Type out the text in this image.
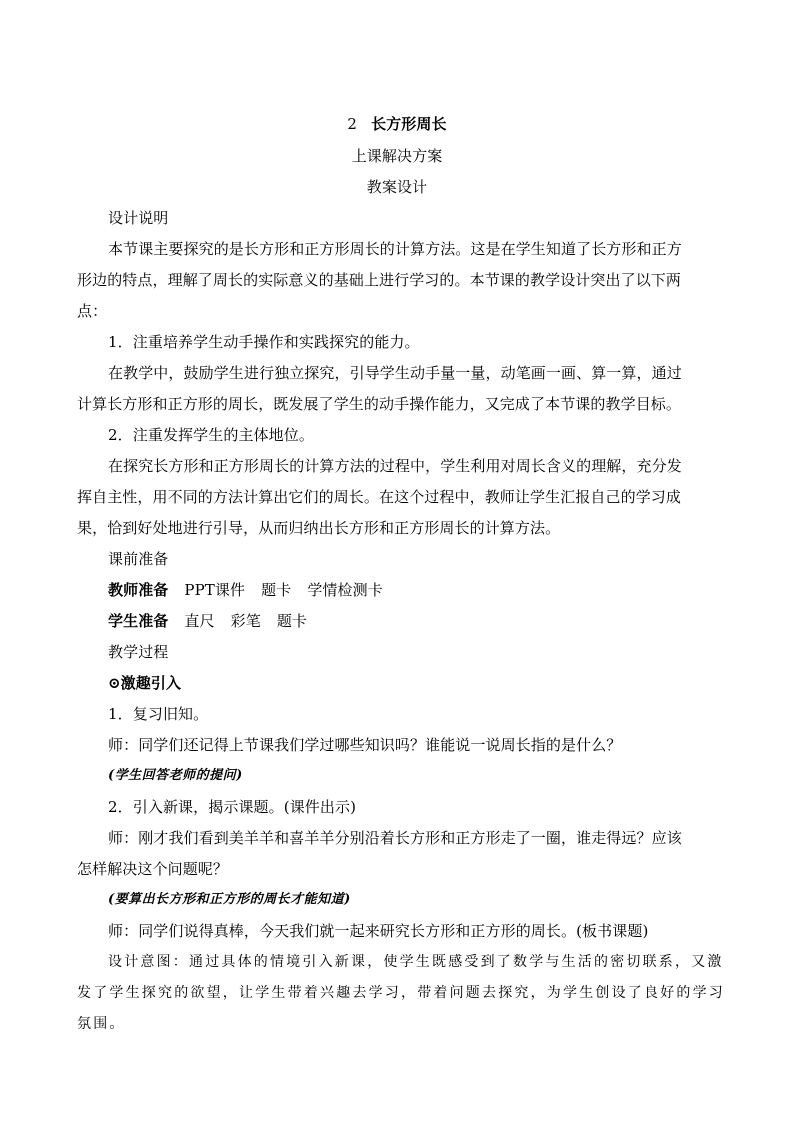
2 长方形周长
上课解决方案
教案设计
设计说明
本节课主要探究的是长方形和正方形周长的计算方法。这是在学生知道了长方形和正方
形边的特点，理解了周长的实际意义的基础上进行学习的。本节课的教学设计突出了以下两
点：
1．注重培养学生动手操作和实践探究的能力。
在教学中，鼓励学生进行独立探究，引导学生动手量一量，动笔画一画、算一算，通过
计算长方形和正方形的周长，既发展了学生的动手操作能力，又完成了本节课的教学目标。
2．注重发挥学生的主体地位。
在探究长方形和正方形周长的计算方法的过程中，学生利用对周长含义的理解，充分发
挥自主性，用不同的方法计算出它们的周长。在这个过程中，教师让学生汇报自己的学习成
果，恰到好处地进行引导，从而归纳出长方形和正方形周长的计算方法。
课前准备
教师准备 PPT课件 题卡 学情检测卡
学生准备 直尺 彩笔 题卡
教学过程
⊙激趣引入
1．复习旧知。
师：同学们还记得上节课我们学过哪些知识吗？谁能说一说周长指的是什么？
(学生回答老师的提问)
2．引入新课，揭示课题。(课件出示)
师：刚才我们看到美羊羊和喜羊羊分别沿着长方形和正方形走了一圈，谁走得远？应该
怎样解决这个问题呢？
(要算出长方形和正方形的周长才能知道)
师：同学们说得真棒，今天我们就一起来研究长方形和正方形的周长。(板书课题)
设计意图：通过具体的情境引入新课，使学生既感受到了数学与生活的密切联系，又激
发了学生探究的欲望，让学生带着兴趣去学习，带着问题去探究，为学生创设了良好的学习
氛围。
